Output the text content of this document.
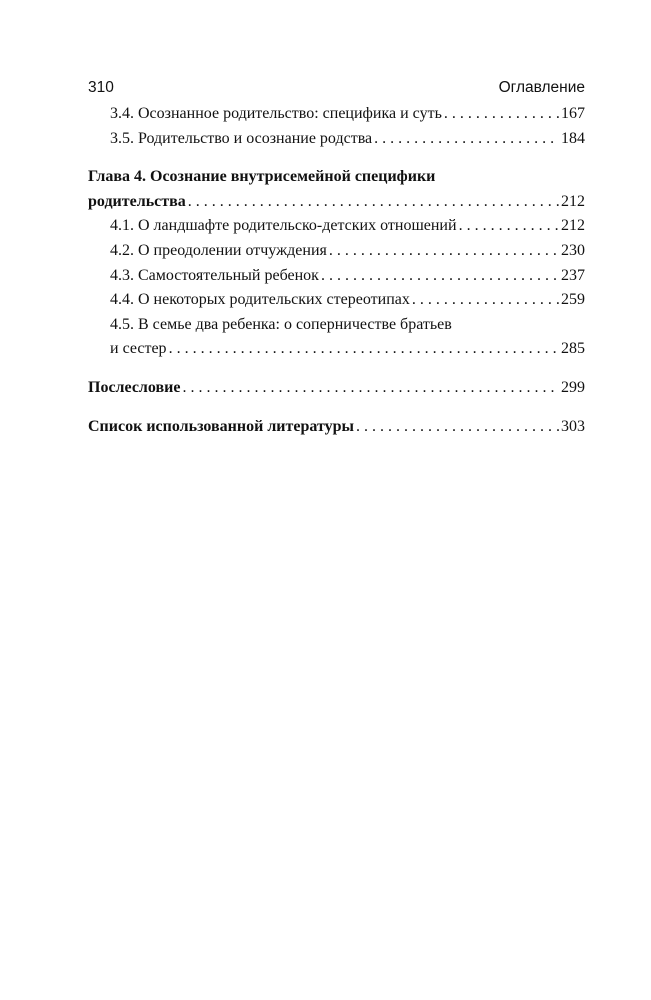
310	Оглавление
3.4. Осознанное родительство: специфика и суть . . .	167
3.5. Родительство и осознание родства . . .	184
Глава 4. Осознание внутрисемейной специфики
родительства . . .	212
4.1. О ландшафте родительско-детских отношений . . .	212
4.2. О преодолении отчуждения . . .	230
4.3. Самостоятельный ребенок . . .	237
4.4. О некоторых родительских стереотипах . . .	259
4.5. В семье два ребенка: о соперничестве братьев
и сестер . . .	285
Послесловие . . .	299
Список использованной литературы . . .	303
